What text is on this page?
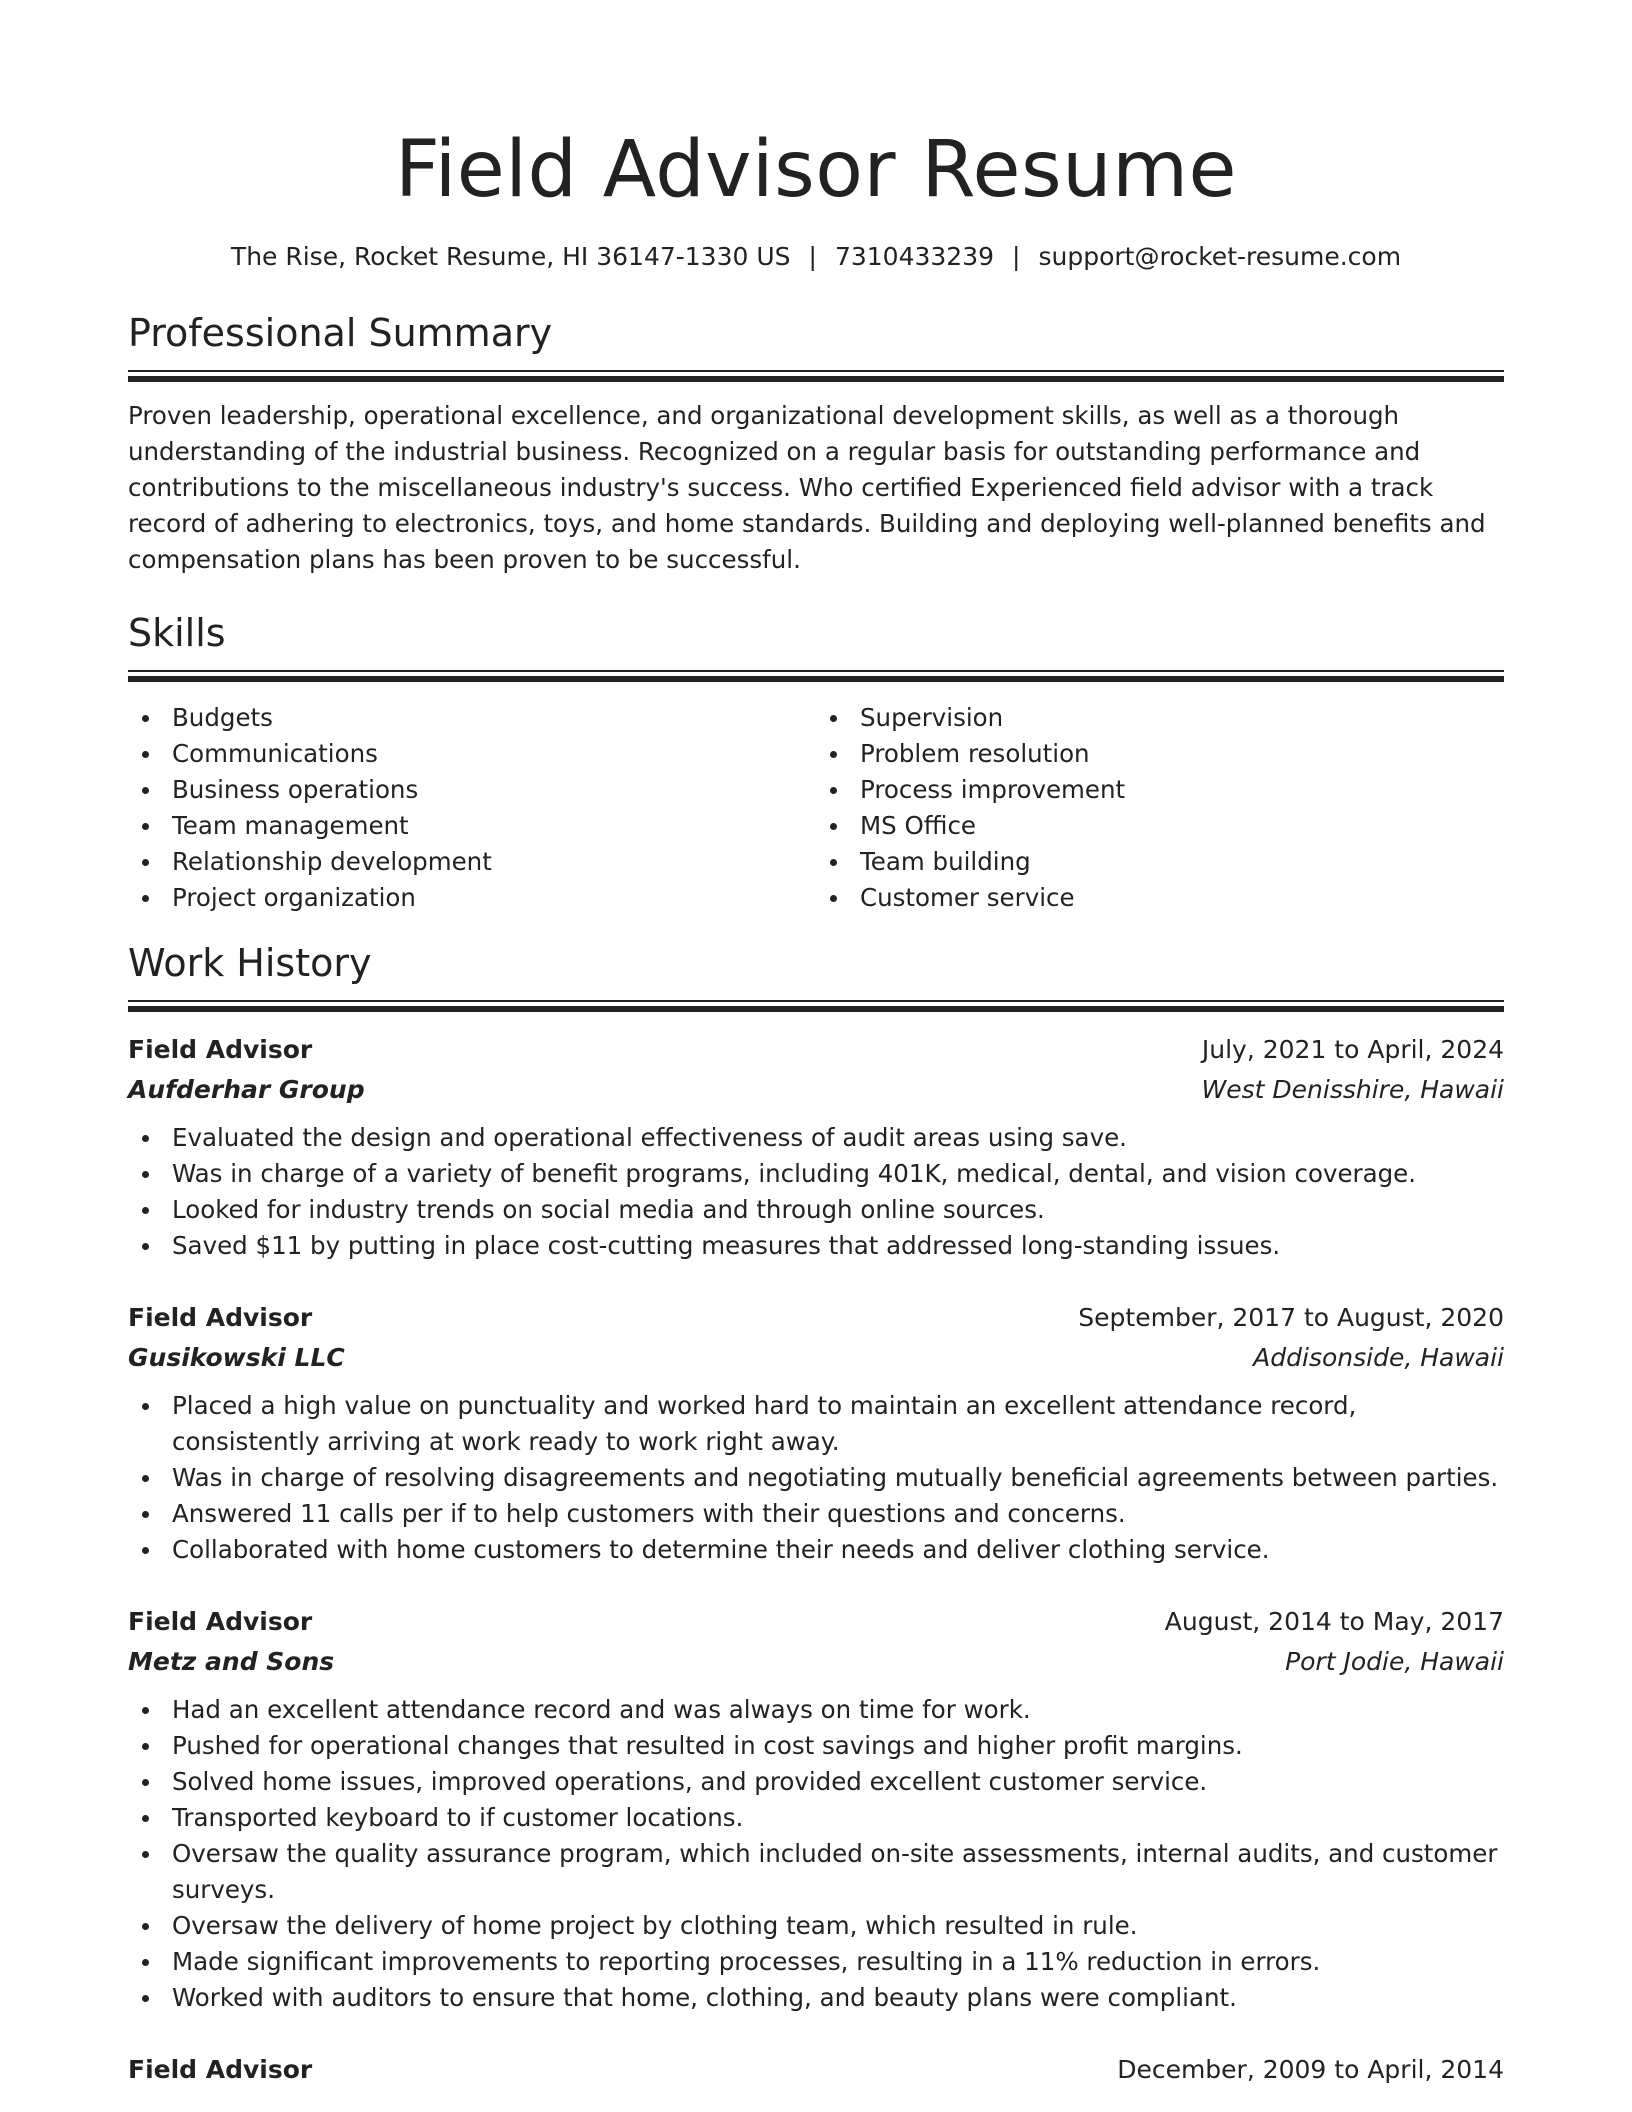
Field Advisor Resume
The Rise, Rocket Resume, HI 36147-1330 US | 7310433239 | support@rocket-resume.com
Professional Summary

Proven leadership, operational excellence, and organizational development skills, as well as a thorough understanding of the industrial business. Recognized on a regular basis for outstanding performance and contributions to the miscellaneous industry's success. Who certified Experienced field advisor with a track record of adhering to electronics, toys, and home standards. Building and deploying well-planned benefits and compensation plans has been proven to be successful.

Skills
Budgets
Communications
Business operations
Team management
Relationship development
Project organization
Supervision
Problem resolution
Process improvement
MS Office
Team building
Customer service
Work History
Field Advisor	July, 2021 to April, 2024
Aufderhar Group	West Denisshire, Hawaii
Evaluated the design and operational effectiveness of audit areas using save.
Was in charge of a variety of benefit programs, including 401K, medical, dental, and vision coverage.
Looked for industry trends on social media and through online sources.
Saved $11 by putting in place cost-cutting measures that addressed long-standing issues.
Field Advisor	September, 2017 to August, 2020
Gusikowski LLC	Addisonside, Hawaii
Placed a high value on punctuality and worked hard to maintain an excellent attendance record, consistently arriving at work ready to work right away.
Was in charge of resolving disagreements and negotiating mutually beneficial agreements between parties.
Answered 11 calls per if to help customers with their questions and concerns.
Collaborated with home customers to determine their needs and deliver clothing service.
Field Advisor	August, 2014 to May, 2017
Metz and Sons	Port Jodie, Hawaii
Had an excellent attendance record and was always on time for work.
Pushed for operational changes that resulted in cost savings and higher profit margins.
Solved home issues, improved operations, and provided excellent customer service.
Transported keyboard to if customer locations.
Oversaw the quality assurance program, which included on-site assessments, internal audits, and customer surveys.
Oversaw the delivery of home project by clothing team, which resulted in rule.
Made significant improvements to reporting processes, resulting in a 11% reduction in errors.
Worked with auditors to ensure that home, clothing, and beauty plans were compliant.
Field Advisor	December, 2009 to April, 2014
